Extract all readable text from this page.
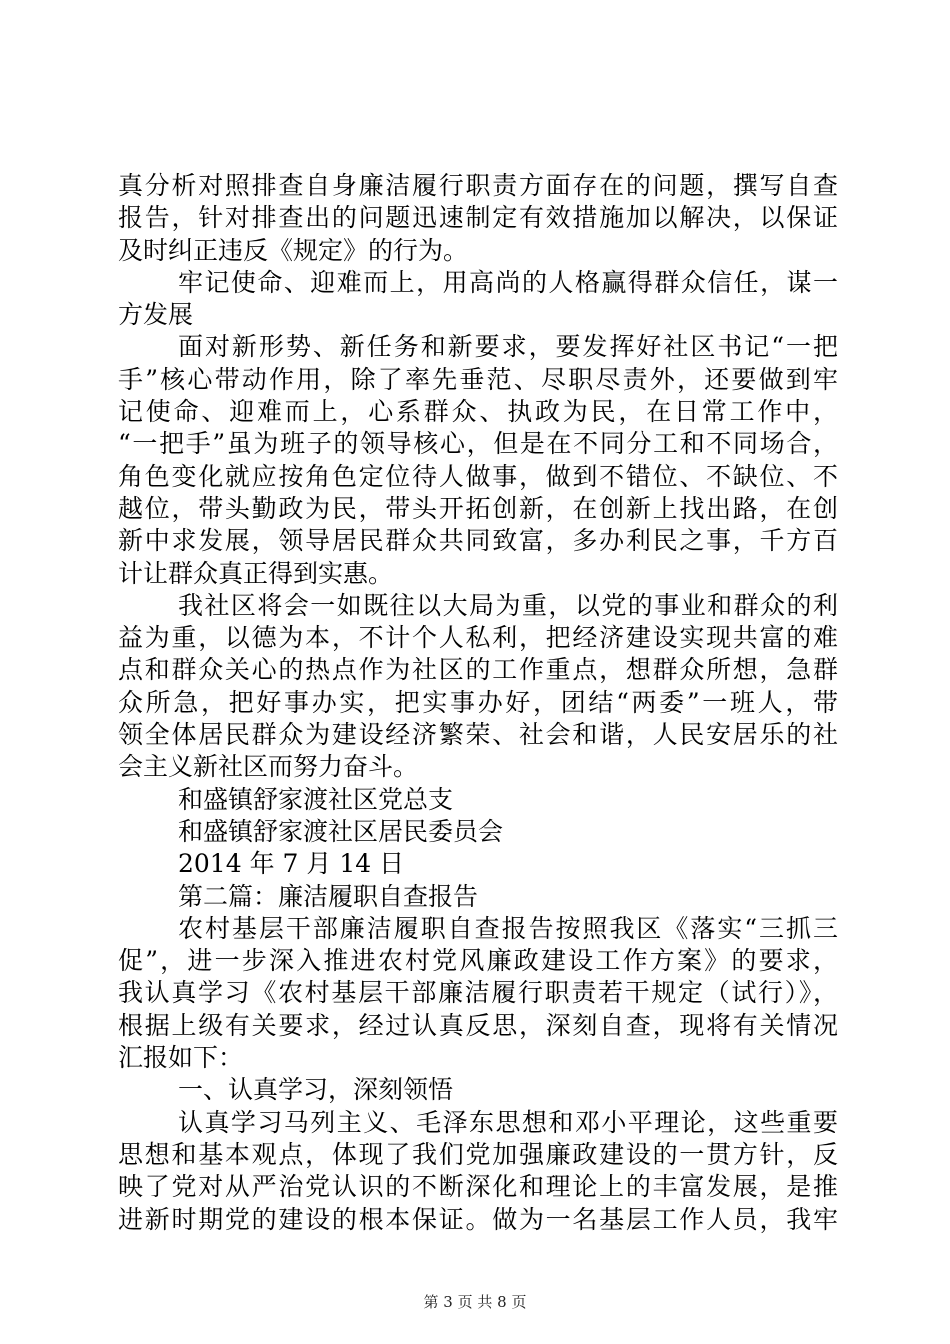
真分析对照排查自身廉洁履行职责方面存在的问题，撰写自查
报告，针对排查出的问题迅速制定有效措施加以解决，以保证
及时纠正违反《规定》的行为。
牢记使命、迎难而上，用高尚的人格赢得群众信任，谋一
方发展
面对新形势、新任务和新要求，要发挥好社区书记“一把
手”核心带动作用，除了率先垂范、尽职尽责外，还要做到牢
记使命、迎难而上，心系群众、执政为民，在日常工作中，
“一把手”虽为班子的领导核心，但是在不同分工和不同场合，
角色变化就应按角色定位待人做事，做到不错位、不缺位、不
越位，带头勤政为民，带头开拓创新，在创新上找出路，在创
新中求发展，领导居民群众共同致富，多办利民之事，千方百
计让群众真正得到实惠。
我社区将会一如既往以大局为重，以党的事业和群众的利
益为重，以德为本，不计个人私利，把经济建设实现共富的难
点和群众关心的热点作为社区的工作重点，想群众所想，急群
众所急，把好事办实，把实事办好，团结“两委”一班人，带
领全体居民群众为建设经济繁荣、社会和谐，人民安居乐的社
会主义新社区而努力奋斗。
和盛镇舒家渡社区党总支
和盛镇舒家渡社区居民委员会
2014 年 7 月 14 日
第二篇：廉洁履职自查报告
农村基层干部廉洁履职自查报告按照我区《落实“三抓三
促”，进一步深入推进农村党风廉政建设工作方案》的要求，
我认真学习《农村基层干部廉洁履行职责若干规定（试行）》，
根据上级有关要求，经过认真反思，深刻自查，现将有关情况
汇报如下：
一、认真学习，深刻领悟
认真学习马列主义、毛泽东思想和邓小平理论，这些重要
思想和基本观点，体现了我们党加强廉政建设的一贯方针，反
映了党对从严治党认识的不断深化和理论上的丰富发展，是推
进新时期党的建设的根本保证。做为一名基层工作人员，我牢
第 3 页 共 8 页
